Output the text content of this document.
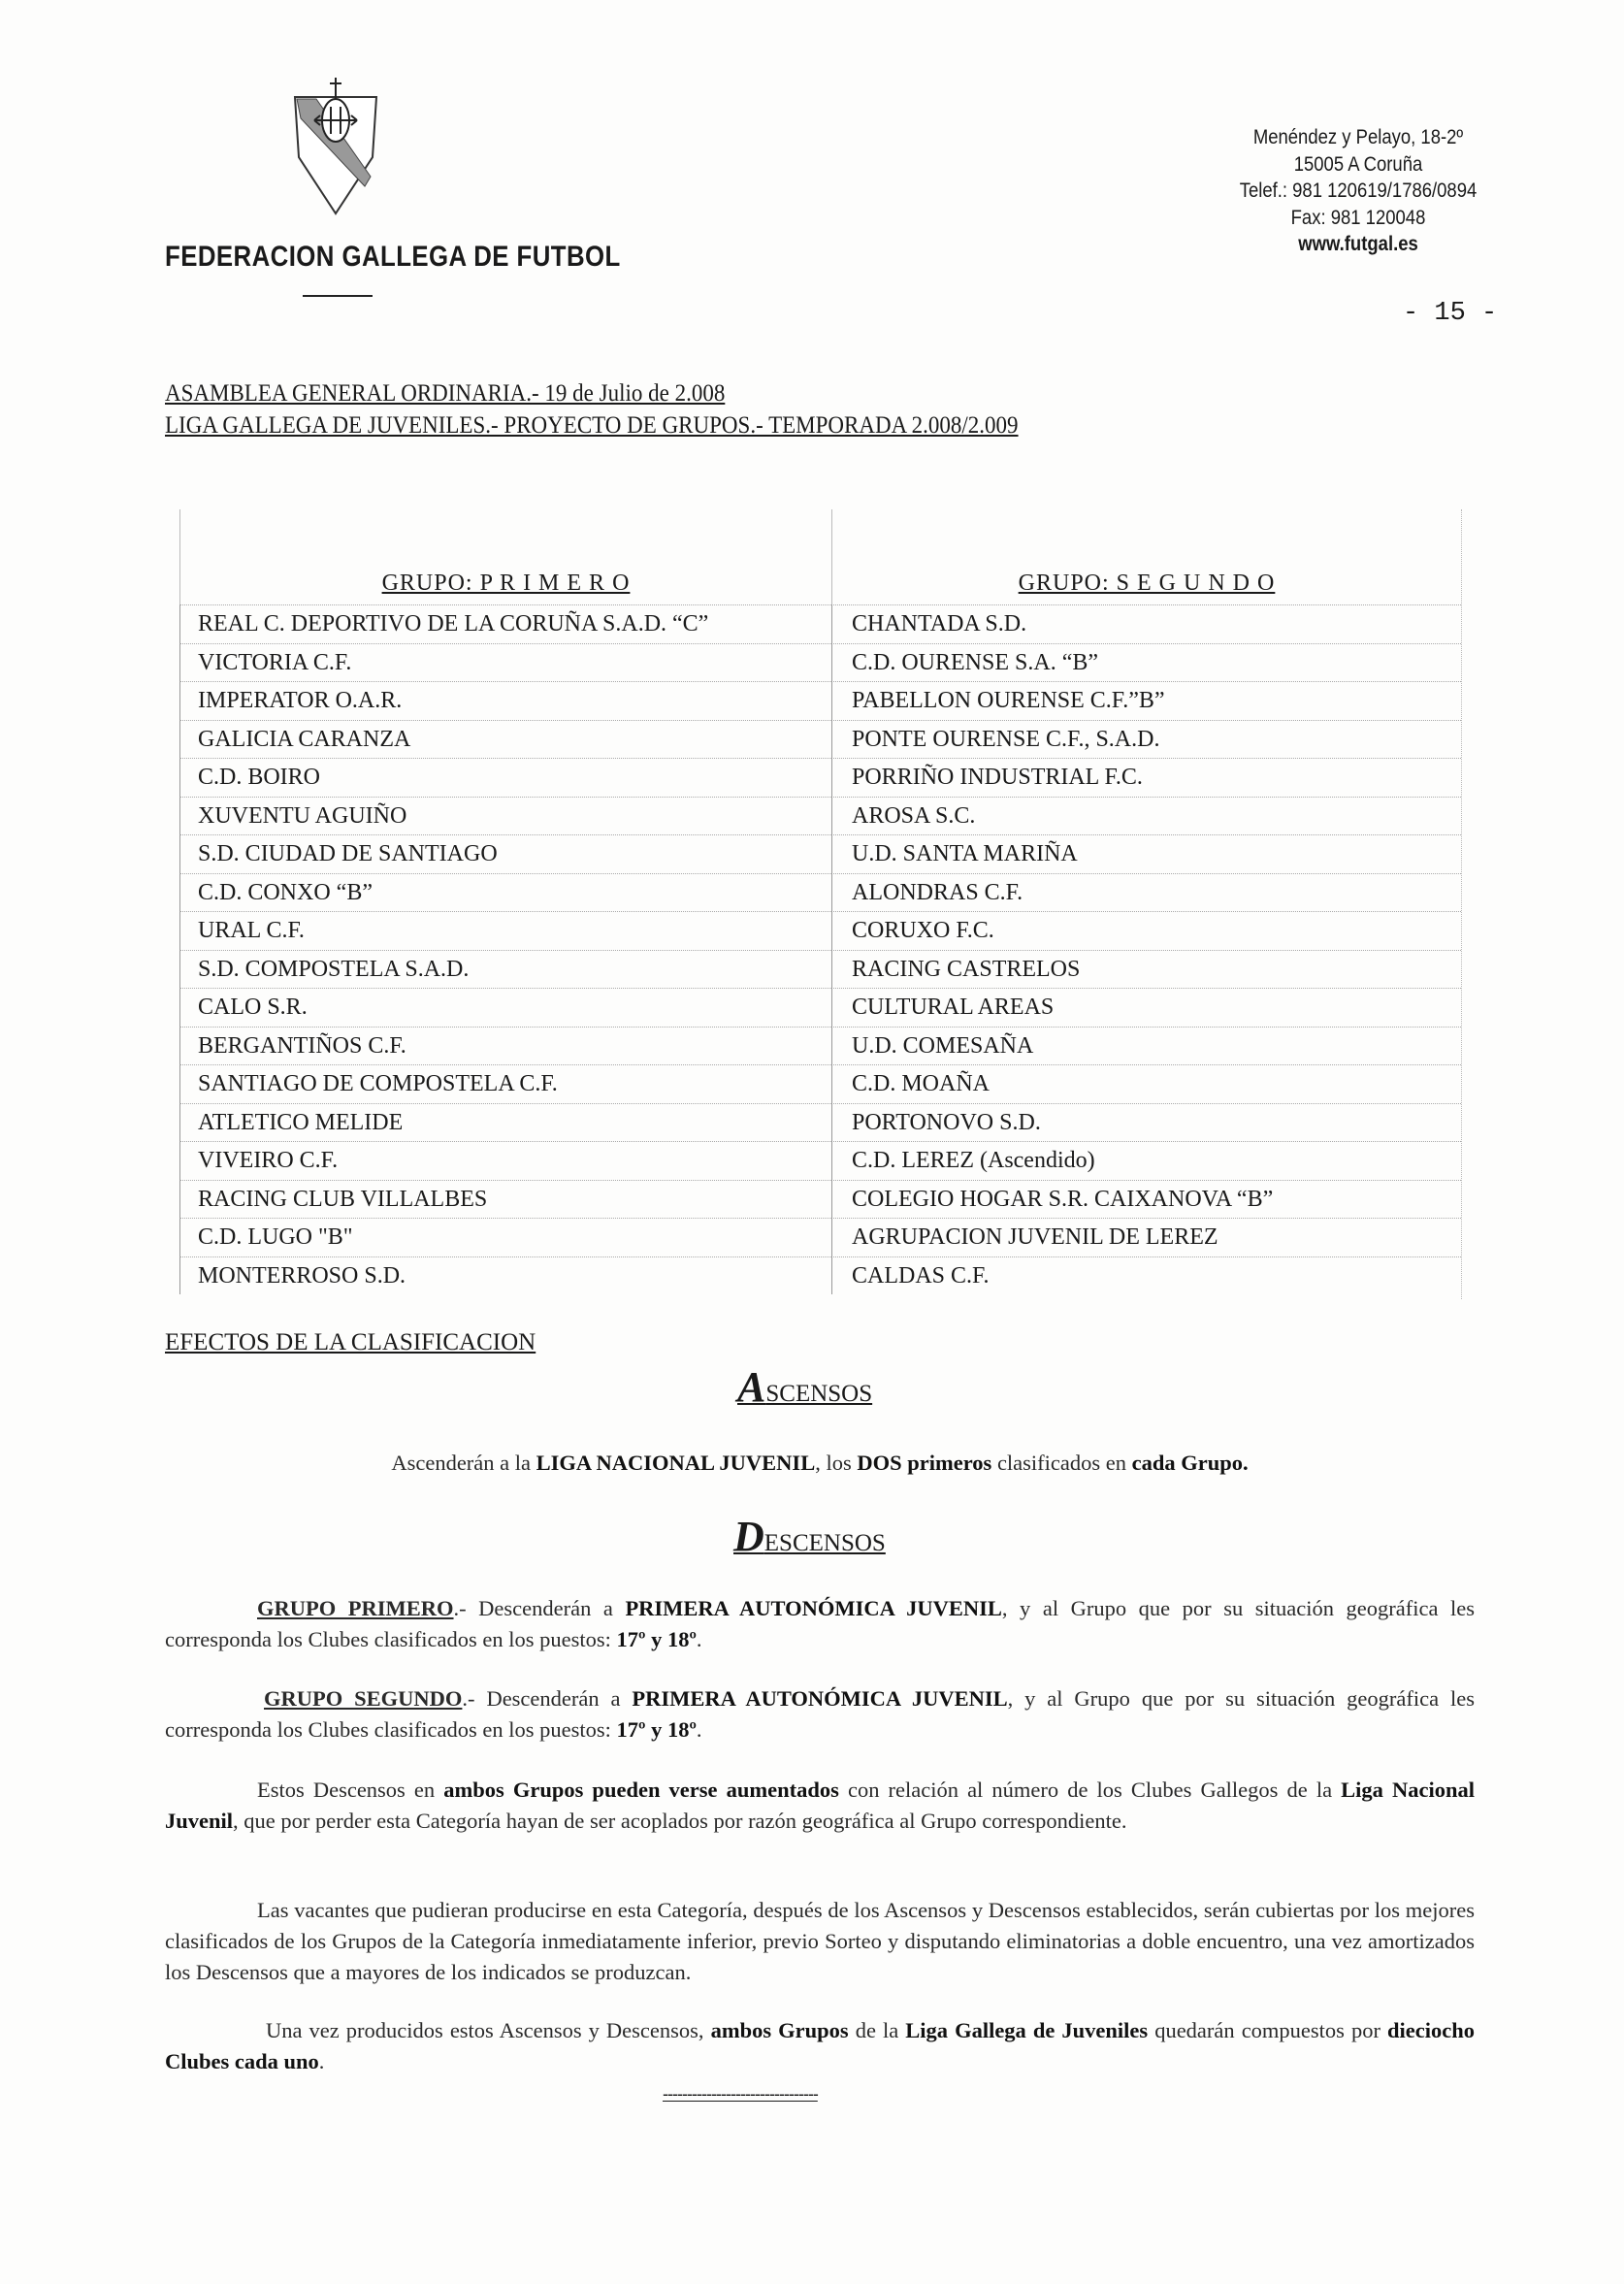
FEDERACION GALLEGA DE FUTBOL
Menéndez y Pelayo, 18-2º
15005 A Coruña
Telef.: 981 120619/1786/0894
Fax: 981 120048
www.futgal.es
- 15 -
ASAMBLEA GENERAL ORDINARIA.- 19 de Julio de 2.008
LIGA GALLEGA DE JUVENILES.- PROYECTO DE GRUPOS.- TEMPORADA 2.008/2.009
GRUPO: P R I M E R O
REAL C. DEPORTIVO DE LA CORUÑA S.A.D. “C”
VICTORIA C.F.
IMPERATOR O.A.R.
GALICIA CARANZA
C.D. BOIRO
XUVENTU AGUIÑO
S.D. CIUDAD DE SANTIAGO
C.D. CONXO “B”
URAL C.F.
S.D. COMPOSTELA S.A.D.
CALO S.R.
BERGANTIÑOS C.F.
SANTIAGO DE COMPOSTELA C.F.
ATLETICO MELIDE
VIVEIRO C.F.
RACING CLUB VILLALBES
C.D. LUGO "B"
MONTERROSO S.D.
GRUPO: S E G U N D O
CHANTADA S.D.
C.D. OURENSE S.A. “B”
PABELLON OURENSE C.F.”B”
PONTE OURENSE C.F., S.A.D.
PORRIÑO INDUSTRIAL F.C.
AROSA S.C.
U.D. SANTA MARIÑA
ALONDRAS C.F.
CORUXO F.C.
RACING CASTRELOS
CULTURAL AREAS
U.D. COMESAÑA
C.D. MOAÑA
PORTONOVO S.D.
C.D. LEREZ (Ascendido)
COLEGIO HOGAR S.R. CAIXANOVA “B”
AGRUPACION JUVENIL DE LEREZ
CALDAS C.F.
EFECTOS DE LA CLASIFICACION
ASCENSOS
Ascenderán a la LIGA NACIONAL JUVENIL, los DOS primeros clasificados en cada Grupo.
DESCENSOS
GRUPO PRIMERO.- Descenderán a PRIMERA AUTONÓMICA JUVENIL, y al Grupo que por su situación geográfica les corresponda los Clubes clasificados en los puestos: 17º y 18º.
GRUPO SEGUNDO.- Descenderán a PRIMERA AUTONÓMICA JUVENIL, y al Grupo que por su situación geográfica les corresponda los Clubes clasificados en los puestos: 17º y 18º.
Estos Descensos en ambos Grupos pueden verse aumentados con relación al número de los Clubes Gallegos de la Liga Nacional Juvenil, que por perder esta Categoría hayan de ser acoplados por razón geográfica al Grupo correspondiente.
Las vacantes que pudieran producirse en esta Categoría, después de los Ascensos y Descensos establecidos, serán cubiertas por los mejores clasificados de los Grupos de la Categoría inmediatamente inferior, previo Sorteo y disputando eliminatorias a doble encuentro, una vez amortizados los Descensos que a mayores de los indicados se produzcan.
Una vez producidos estos Ascensos y Descensos, ambos Grupos de la Liga Gallega de Juveniles quedarán compuestos por dieciocho Clubes cada uno.
--------------------------------
